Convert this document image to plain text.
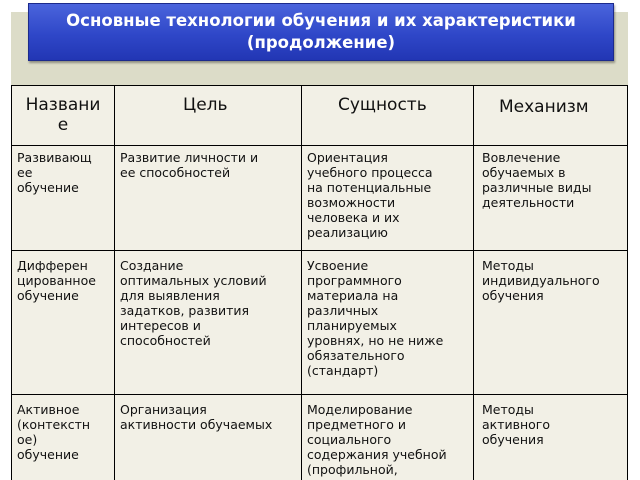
Основные технологии обучения и их характеристики (продолжение)
Названи
е
Цель	Сущность	Механизм
Развивающ
ее
обучение
Развитие личности и
ее способностей
Ориентация
учебного процесса
на потенциальные
возможности
человека и их
реализацию
Вовлечение
обучаемых в
различные виды
деятельности
Дифферен
цированное
обучение
Создание
оптимальных условий
для выявления
задатков, развития
интересов и
способностей
Усвоение
программного
материала на
различных
планируемых
уровнях, но не ниже
обязательного
(стандарт)
Методы
индивидуального
обучения
Активное
(контекстн
ое)
обучение
Организация
активности обучаемых
Моделирование
предметного и
социального
содержания учебной
(профильной,
Методы
активного
обучения
